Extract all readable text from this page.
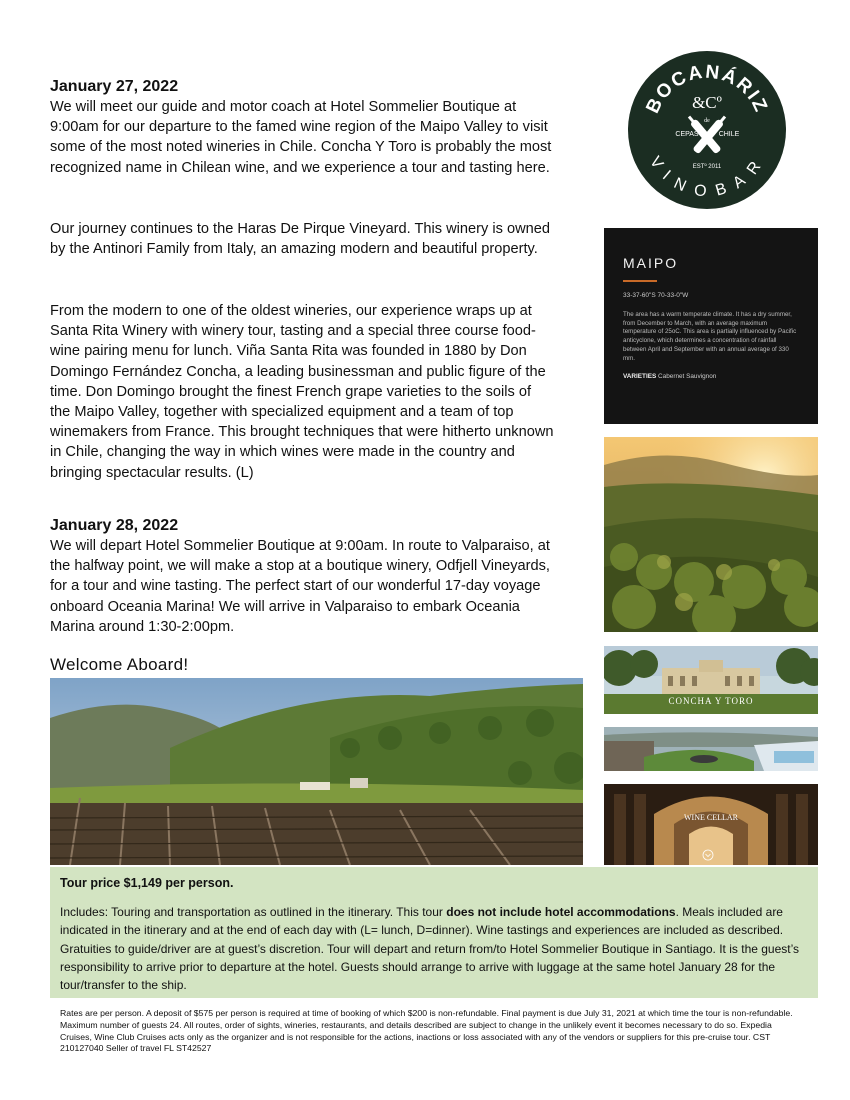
January 27, 2022

We will meet our guide and motor coach at Hotel Sommelier Boutique at 9:00am for our departure to the famed wine region of the Maipo Valley to visit some of the most noted wineries in Chile. Concha Y Toro is probably the most recognized name in Chilean wine, and we experience a tour and tasting here.

Our journey continues to the Haras De Pirque Vineyard. This winery is owned by the Antinori Family from Italy, an amazing modern and beautiful property.

From the modern to one of the oldest wineries, our experience wraps up at Santa Rita Winery with winery tour, tasting and a special three course food-wine pairing menu for lunch. Viña Santa Rita was founded in 1880 by Don Domingo Fernández Concha, a leading businessman and public figure of the time. Don Domingo brought the finest French grape varieties to the soils of the Maipo Valley, together with specialized equipment and a team of top winemakers from France. This brought techniques that were hitherto unknown in Chile, changing the way in which wines were made in the country and bringing spectacular results. (L)

January 28, 2022

We will depart Hotel Sommelier Boutique at 9:00am. In route to Valparaiso, at the halfway point, we will make a stop at a boutique winery, Odfjell Vineyards, for a tour and wine tasting. The perfect start of our wonderful 17-day voyage onboard Oceania Marina! We will arrive in Valparaiso to embark Oceania Marina around 1:30-2:00pm.

Welcome Aboard!
BOCANÁRIZ
VINOBAR
&Cº
de
CEPAS	CHILE
ESTº 2011
MAIPO
33-37-60"S 70-33-0"W
The area has a warm temperate climate. It has a dry summer, from December to March, with an average maximum temperature of 25oC. This area is partially influenced by Pacific anticyclone, which determines a concentration of rainfall between April and September with an annual average of 330 mm.
VARIETIES Cabernet Sauvignon
CONCHA Y TORO
WINE CELLAR

Tour price $1,149 per person.

Includes: Touring and transportation as outlined in the itinerary. This tour does not include hotel accommodations. Meals included are indicated in the itinerary and at the end of each day with (L= lunch, D=dinner). Wine tastings and experiences are included as described. Gratuities to guide/driver are at guest’s discretion. Tour will depart and return from/to Hotel Sommelier Boutique in Santiago. It is the guest’s responsibility to arrive prior to departure at the hotel. Guests should arrange to arrive with luggage at the same hotel January 28 for the tour/transfer to the ship.

Rates are per person. A deposit of $575 per person is required at time of booking of which $200 is non-refundable. Final payment is due July 31, 2021 at which time the tour is non-refundable. Maximum number of guests 24. All routes, order of sights, wineries, restaurants, and details described are subject to change in the unlikely event it becomes necessary to do so. Expedia Cruises, Wine Club Cruises acts only as the organizer and is not responsible for the actions, inactions or loss associated with any of the vendors or suppliers for this pre-cruise tour. CST 210127040 Seller of travel FL ST42527
